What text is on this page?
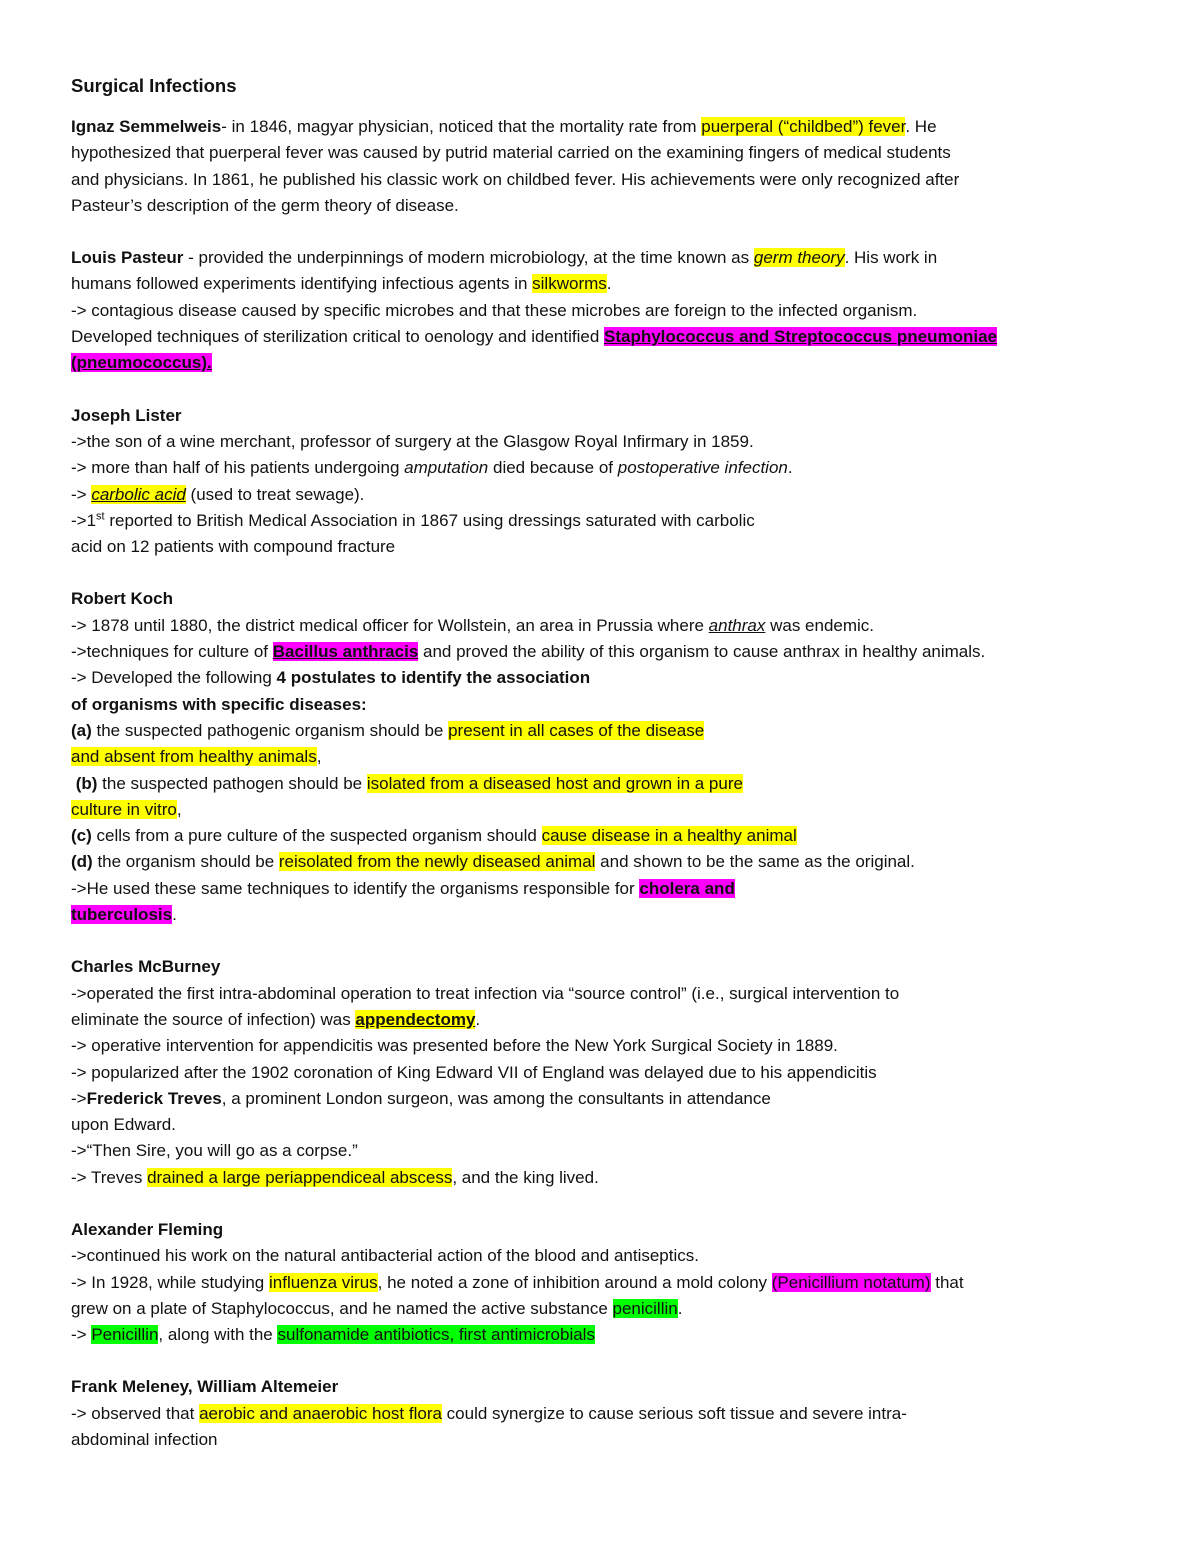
Surgical Infections
Ignaz Semmelweis- in 1846, magyar physician, noticed that the mortality rate from puerperal (“childbed”) fever. He
hypothesized that puerperal fever was caused by putrid material carried on the examining fingers of medical students
and physicians. In 1861, he published his classic work on childbed fever. His achievements were only recognized after
Pasteur’s description of the germ theory of disease.
Louis Pasteur - provided the underpinnings of modern microbiology, at the time known as germ theory. His work in
humans followed experiments identifying infectious agents in silkworms.
-> contagious disease caused by specific microbes and that these microbes are foreign to the infected organism.
Developed techniques of sterilization critical to oenology and identified Staphylococcus and Streptococcus pneumoniae
(pneumococcus).
Joseph Lister
->the son of a wine merchant, professor of surgery at the Glasgow Royal Infirmary in 1859.
-> more than half of his patients undergoing amputation died because of postoperative infection.
-> carbolic acid (used to treat sewage).
->1st reported to British Medical Association in 1867 using dressings saturated with carbolic
acid on 12 patients with compound fracture
Robert Koch
-> 1878 until 1880, the district medical officer for Wollstein, an area in Prussia where anthrax was endemic.
->techniques for culture of Bacillus anthracis and proved the ability of this organism to cause anthrax in healthy animals.
-> Developed the following 4 postulates to identify the association
of organisms with specific diseases:
(a) the suspected pathogenic organism should be present in all cases of the disease
and absent from healthy animals,
(b) the suspected pathogen should be isolated from a diseased host and grown in a pure
culture in vitro,
(c) cells from a pure culture of the suspected organism should cause disease in a healthy animal
(d) the organism should be reisolated from the newly diseased animal and shown to be the same as the original.
->He used these same techniques to identify the organisms responsible for cholera and
tuberculosis.
Charles McBurney
->operated the first intra-abdominal operation to treat infection via “source control” (i.e., surgical intervention to
eliminate the source of infection) was appendectomy.
-> operative intervention for appendicitis was presented before the New York Surgical Society in 1889.
-> popularized after the 1902 coronation of King Edward VII of England was delayed due to his appendicitis
->Frederick Treves, a prominent London surgeon, was among the consultants in attendance
upon Edward.
->“Then Sire, you will go as a corpse.”
-> Treves drained a large periappendiceal abscess, and the king lived.
Alexander Fleming
->continued his work on the natural antibacterial action of the blood and antiseptics.
-> In 1928, while studying influenza virus, he noted a zone of inhibition around a mold colony (Penicillium notatum) that
grew on a plate of Staphylococcus, and he named the active substance penicillin.
-> Penicillin, along with the sulfonamide antibiotics, first antimicrobials
Frank Meleney, William Altemeier
-> observed that aerobic and anaerobic host flora could synergize to cause serious soft tissue and severe intra-
abdominal infection
